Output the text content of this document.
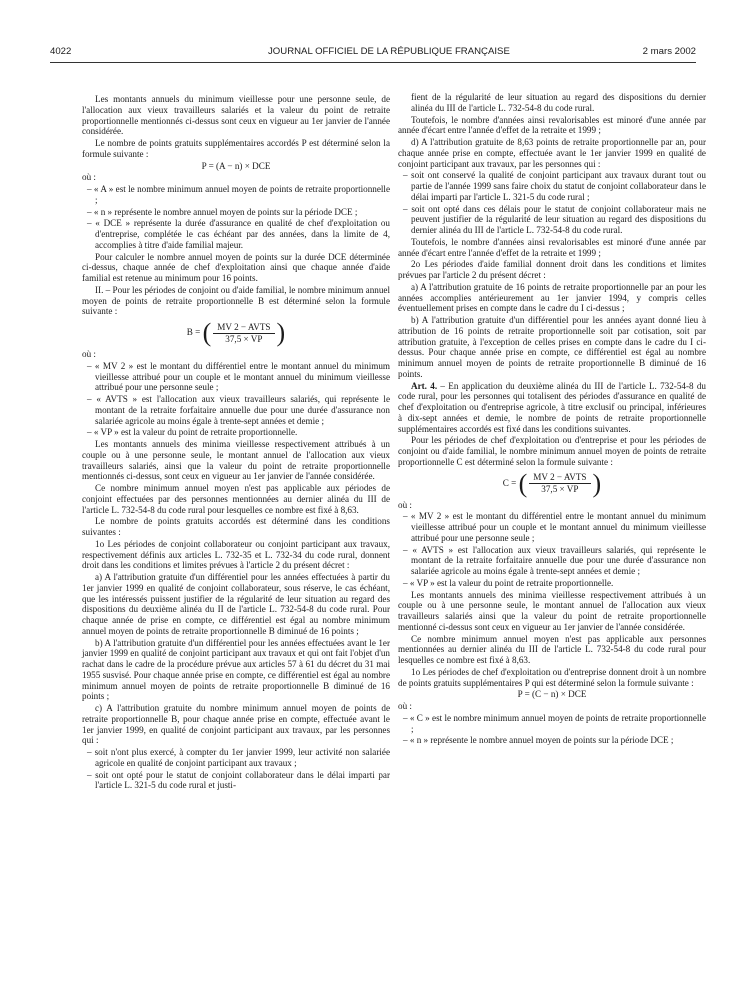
4022	JOURNAL OFFICIEL DE LA RÉPUBLIQUE FRANÇAISE	2 mars 2002

Les montants annuels du minimum vieillesse pour une personne seule, de l'allocation aux vieux travailleurs salariés et la valeur du point de retraite proportionnelle mentionnés ci-dessus sont ceux en vigueur au 1er janvier de l'année considérée.

Le nombre de points gratuits supplémentaires accordés P est déterminé selon la formule suivante :

P = (A − n) × DCE

où :

– « A » est le nombre minimum annuel moyen de points de retraite proportionnelle ;

– « n » représente le nombre annuel moyen de points sur la période DCE ;

– « DCE » représente la durée d'assurance en qualité de chef d'exploitation ou d'entreprise, complétée le cas échéant par des années, dans la limite de 4, accomplies à titre d'aide familial majeur.

Pour calculer le nombre annuel moyen de points sur la durée DCE déterminée ci-dessus, chaque année de chef d'exploitation ainsi que chaque année d'aide familial est retenue au minimum pour 16 points.

II. – Pour les périodes de conjoint ou d'aide familial, le nombre minimum annuel moyen de points de retraite proportionnelle B est déterminé selon la formule suivante :

B = ( $\frac{\text{MV 2 − AVTS}}{37,5 \times VP}$ )

où :

– « MV 2 » est le montant du différentiel entre le montant annuel du minimum vieillesse attribué pour un couple et le montant annuel du minimum vieillesse attribué pour une personne seule ;

– « AVTS » est l'allocation aux vieux travailleurs salariés, qui représente le montant de la retraite forfaitaire annuelle due pour une durée d'assurance non salariée agricole au moins égale à trente-sept années et demie ;

– « VP » est la valeur du point de retraite proportionnelle.

Les montants annuels des minima vieillesse respectivement attribués à un couple ou à une personne seule, le montant annuel de l'allocation aux vieux travailleurs salariés, ainsi que la valeur du point de retraite proportionnelle mentionnés ci-dessus, sont ceux en vigueur au 1er janvier de l'année considérée.

Ce nombre minimum annuel moyen n'est pas applicable aux périodes de conjoint effectuées par des personnes mentionnées au dernier alinéa du III de l'article L. 732-54-8 du code rural pour lesquelles ce nombre est fixé à 8,63.

Le nombre de points gratuits accordés est déterminé dans les conditions suivantes :

1o Les périodes de conjoint collaborateur ou conjoint participant aux travaux, respectivement définis aux articles L. 732-35 et L. 732-34 du code rural, donnent droit dans les conditions et limites prévues à l'article 2 du présent décret :

a) A l'attribution gratuite d'un différentiel pour les années effectuées à partir du 1er janvier 1999 en qualité de conjoint collaborateur, sous réserve, le cas échéant, que les intéressés puissent justifier de la régularité de leur situation au regard des dispositions du deuxième alinéa du II de l'article L. 732-54-8 du code rural. Pour chaque année de prise en compte, ce différentiel est égal au nombre minimum annuel moyen de points de retraite proportionnelle B diminué de 16 points ;

b) A l'attribution gratuite d'un différentiel pour les années effectuées avant le 1er janvier 1999 en qualité de conjoint participant aux travaux et qui ont fait l'objet d'un rachat dans le cadre de la procédure prévue aux articles 57 à 61 du décret du 31 mai 1955 susvisé. Pour chaque année prise en compte, ce différentiel est égal au nombre minimum annuel moyen de points de retraite proportionnelle B diminué de 16 points ;

c) A l'attribution gratuite du nombre minimum annuel moyen de points de retraite proportionnelle B, pour chaque année prise en compte, effectuée avant le 1er janvier 1999, en qualité de conjoint participant aux travaux, par les personnes qui :

– soit n'ont plus exercé, à compter du 1er janvier 1999, leur activité non salariée agricole en qualité de conjoint participant aux travaux ;

– soit ont opté pour le statut de conjoint collaborateur dans le délai imparti par l'article L. 321-5 du code rural et justi-

fient de la régularité de leur situation au regard des dispositions du dernier alinéa du III de l'article L. 732-54-8 du code rural.

Toutefois, le nombre d'années ainsi revalorisables est minoré d'une année par année d'écart entre l'année d'effet de la retraite et 1999 ;

d) A l'attribution gratuite de 8,63 points de retraite proportionnelle par an, pour chaque année prise en compte, effectuée avant le 1er janvier 1999 en qualité de conjoint participant aux travaux, par les personnes qui :

– soit ont conservé la qualité de conjoint participant aux travaux durant tout ou partie de l'année 1999 sans faire choix du statut de conjoint collaborateur dans le délai imparti par l'article L. 321-5 du code rural ;

– soit ont opté dans ces délais pour le statut de conjoint collaborateur mais ne peuvent justifier de la régularité de leur situation au regard des dispositions du dernier alinéa du III de l'article L. 732-54-8 du code rural.

Toutefois, le nombre d'années ainsi revalorisables est minoré d'une année par année d'écart entre l'année d'effet de la retraite et 1999 ;

2o Les périodes d'aide familial donnent droit dans les conditions et limites prévues par l'article 2 du présent décret :

a) A l'attribution gratuite de 16 points de retraite proportionnelle par an pour les années accomplies antérieurement au 1er janvier 1994, y compris celles éventuellement prises en compte dans le cadre du I ci-dessus ;

b) A l'attribution gratuite d'un différentiel pour les années ayant donné lieu à attribution de 16 points de retraite proportionnelle soit par cotisation, soit par attribution gratuite, à l'exception de celles prises en compte dans le cadre du I ci-dessus. Pour chaque année prise en compte, ce différentiel est égal au nombre minimum annuel moyen de points de retraite proportionnelle B diminué de 16 points.

Art. 4. – En application du deuxième alinéa du III de l'article L. 732-54-8 du code rural, pour les personnes qui totalisent des périodes d'assurance en qualité de chef d'exploitation ou d'entreprise agricole, à titre exclusif ou principal, inférieures à dix-sept années et demie, le nombre de points de retraite proportionnelle supplémentaires accordés est fixé dans les conditions suivantes.

Pour les périodes de chef d'exploitation ou d'entreprise et pour les périodes de conjoint ou d'aide familial, le nombre minimum annuel moyen de points de retraite proportionnelle C est déterminé selon la formule suivante :

C = ( $\frac{\text{MV 2 − AVTS}}{37,5 \times VP}$ )

où :

– « MV 2 » est le montant du différentiel entre le montant annuel du minimum vieillesse attribué pour un couple et le montant annuel du minimum vieillesse attribué pour une personne seule ;

– « AVTS » est l'allocation aux vieux travailleurs salariés, qui représente le montant de la retraite forfaitaire annuelle due pour une durée d'assurance non salariée agricole au moins égale à trente-sept années et demie ;

– « VP » est la valeur du point de retraite proportionnelle.

Les montants annuels des minima vieillesse respectivement attribués à un couple ou à une personne seule, le montant annuel de l'allocation aux vieux travailleurs salariés ainsi que la valeur du point de retraite proportionnelle mentionné ci-dessus sont ceux en vigueur au 1er janvier de l'année considérée.

Ce nombre minimum annuel moyen n'est pas applicable aux personnes mentionnées au dernier alinéa du III de l'article L. 732-54-8 du code rural pour lesquelles ce nombre est fixé à 8,63.

1o Les périodes de chef d'exploitation ou d'entreprise donnent droit à un nombre de points gratuits supplémentaires P qui est déterminé selon la formule suivante :

P = (C − n) × DCE

où :

– « C » est le nombre minimum annuel moyen de points de retraite proportionnelle ;

– « n » représente le nombre annuel moyen de points sur la période DCE ;
